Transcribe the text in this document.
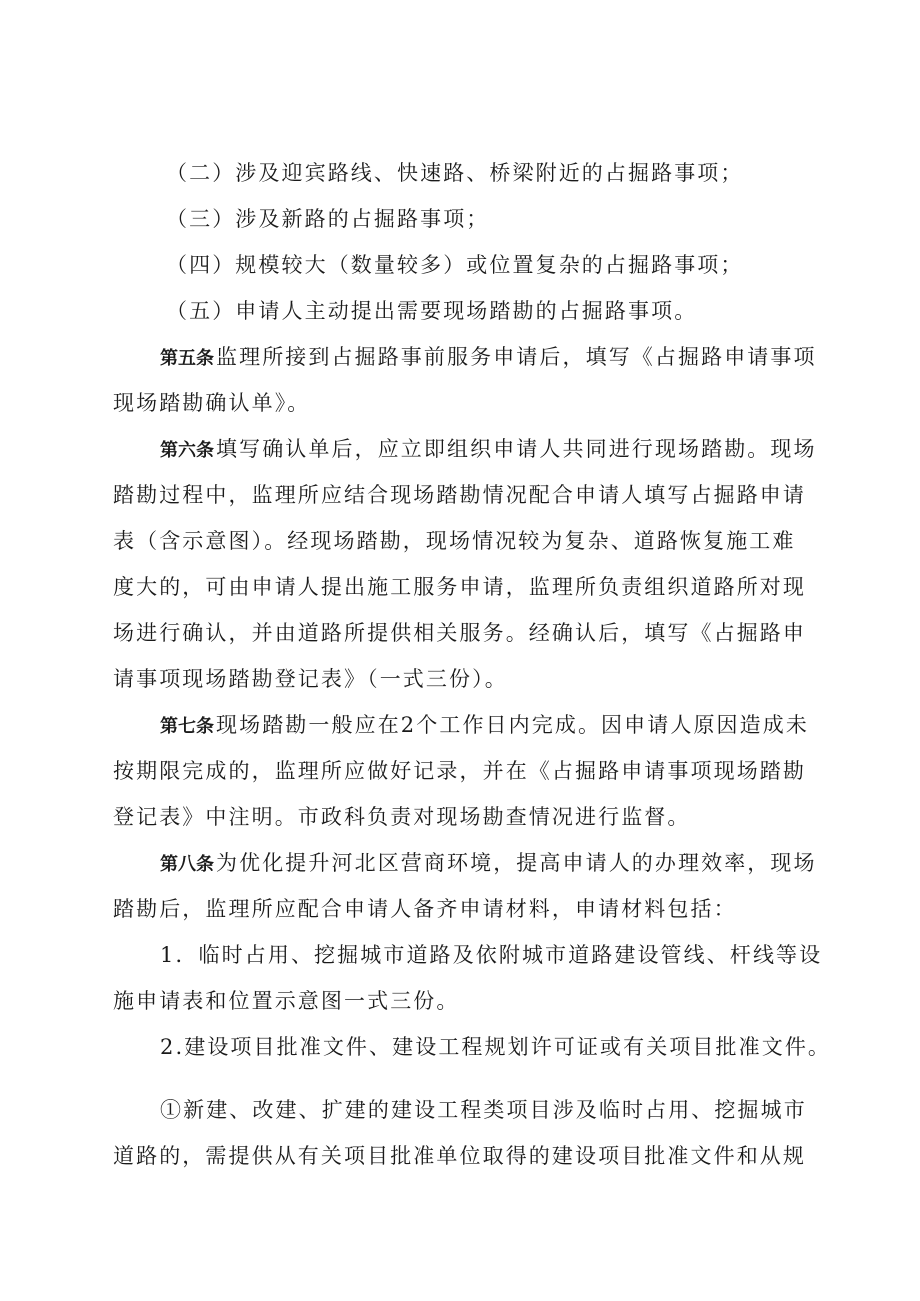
（二）涉及迎宾路线、快速路、桥梁附近的占掘路事项；
（三）涉及新路的占掘路事项；
（四）规模较大（数量较多）或位置复杂的占掘路事项；
（五）申请人主动提出需要现场踏勘的占掘路事项。
第五条监理所接到占掘路事前服务申请后，填写《占掘路申请事项
现场踏勘确认单》。
第六条填写确认单后，应立即组织申请人共同进行现场踏勘。现场
踏勘过程中，监理所应结合现场踏勘情况配合申请人填写占掘路申请
表（含示意图）。经现场踏勘，现场情况较为复杂、道路恢复施工难
度大的，可由申请人提出施工服务申请，监理所负责组织道路所对现
场进行确认，并由道路所提供相关服务。经确认后，填写《占掘路申
请事项现场踏勘登记表》（一式三份）。
第七条现场踏勘一般应在2个工作日内完成。因申请人原因造成未
按期限完成的，监理所应做好记录，并在《占掘路申请事项现场踏勘
登记表》中注明。市政科负责对现场勘查情况进行监督。
第八条为优化提升河北区营商环境，提高申请人的办理效率，现场
踏勘后，监理所应配合申请人备齐申请材料，申请材料包括：
1．临时占用、挖掘城市道路及依附城市道路建设管线、杆线等设
施申请表和位置示意图一式三份。
2.建设项目批准文件、建设工程规划许可证或有关项目批准文件。
①新建、改建、扩建的建设工程类项目涉及临时占用、挖掘城市
道路的，需提供从有关项目批准单位取得的建设项目批准文件和从规
